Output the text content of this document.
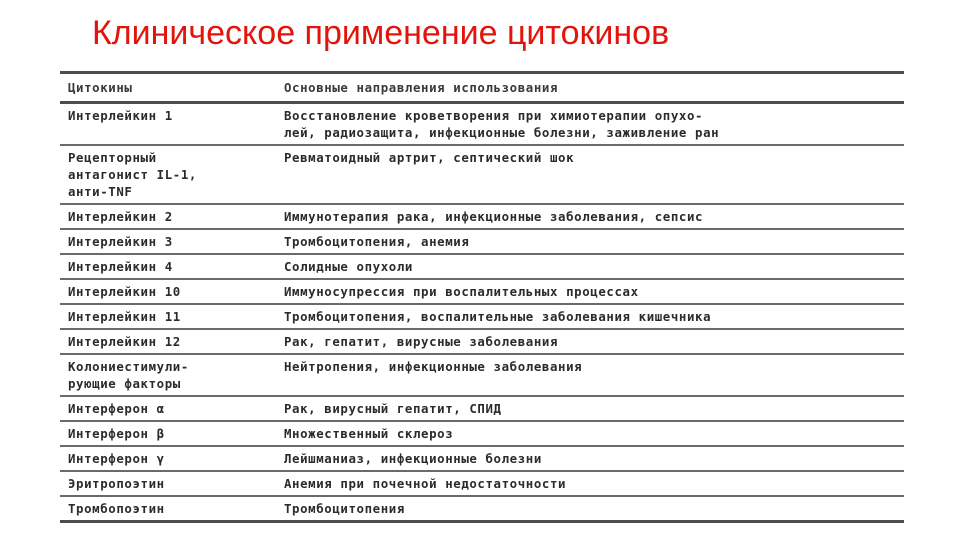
Клиническое применение цитокинов
Цитокины	Основные направления использования
Интерлейкин 1	Восстановление кроветворения при химиотерапии опухо-
лей, радиозащита, инфекционные болезни, заживление ран
Рецепторный
антагонист IL-1,
анти-TNF	Ревматоидный артрит, септический шок
Интерлейкин 2	Иммунотерапия рака, инфекционные заболевания, сепсис
Интерлейкин 3	Тромбоцитопения, анемия
Интерлейкин 4	Солидные опухоли
Интерлейкин 10	Иммуносупрессия при воспалительных процессах
Интерлейкин 11	Тромбоцитопения, воспалительные заболевания кишечника
Интерлейкин 12	Рак, гепатит, вирусные заболевания
Колониестимули-
рующие факторы	Нейтропения, инфекционные заболевания
Интерферон α	Рак, вирусный гепатит, СПИД
Интерферон β	Множественный склероз
Интерферон γ	Лейшманиаз, инфекционные болезни
Эритропоэтин	Анемия при почечной недостаточности
Тромбопоэтин	Тромбоцитопения
